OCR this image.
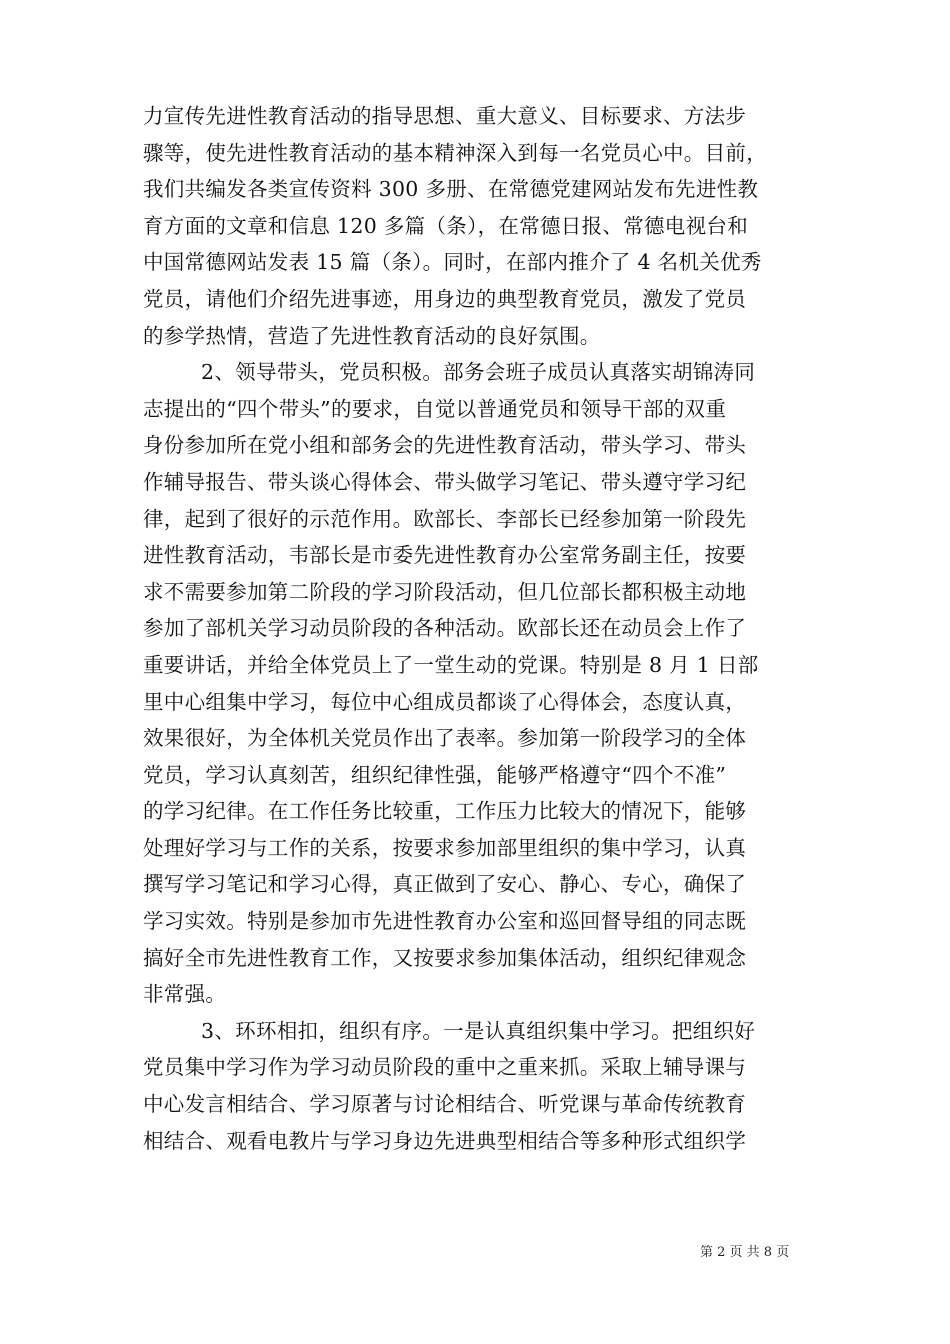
力宣传先进性教育活动的指导思想、重大意义、目标要求、方法步
骤等，使先进性教育活动的基本精神深入到每一名党员心中。目前，
我们共编发各类宣传资料 300 多册、在常德党建网站发布先进性教
育方面的文章和信息 120 多篇（条），在常德日报、常德电视台和
中国常德网站发表 15 篇（条）。同时，在部内推介了 4 名机关优秀
党员，请他们介绍先进事迹，用身边的典型教育党员，激发了党员
的参学热情，营造了先进性教育活动的良好氛围。
2、领导带头，党员积极。部务会班子成员认真落实胡锦涛同
志提出的“四个带头”的要求，自觉以普通党员和领导干部的双重
身份参加所在党小组和部务会的先进性教育活动，带头学习、带头
作辅导报告、带头谈心得体会、带头做学习笔记、带头遵守学习纪
律，起到了很好的示范作用。欧部长、李部长已经参加第一阶段先
进性教育活动，韦部长是市委先进性教育办公室常务副主任，按要
求不需要参加第二阶段的学习阶段活动，但几位部长都积极主动地
参加了部机关学习动员阶段的各种活动。欧部长还在动员会上作了
重要讲话，并给全体党员上了一堂生动的党课。特别是 8 月 1 日部
里中心组集中学习，每位中心组成员都谈了心得体会，态度认真，
效果很好，为全体机关党员作出了表率。参加第一阶段学习的全体
党员，学习认真刻苦，组织纪律性强，能够严格遵守“四个不准”
的学习纪律。在工作任务比较重，工作压力比较大的情况下，能够
处理好学习与工作的关系，按要求参加部里组织的集中学习，认真
撰写学习笔记和学习心得，真正做到了安心、静心、专心，确保了
学习实效。特别是参加市先进性教育办公室和巡回督导组的同志既
搞好全市先进性教育工作，又按要求参加集体活动，组织纪律观念
非常强。
3、环环相扣，组织有序。一是认真组织集中学习。把组织好
党员集中学习作为学习动员阶段的重中之重来抓。采取上辅导课与
中心发言相结合、学习原著与讨论相结合、听党课与革命传统教育
相结合、观看电教片与学习身边先进典型相结合等多种形式组织学
第 2 页 共 8 页
